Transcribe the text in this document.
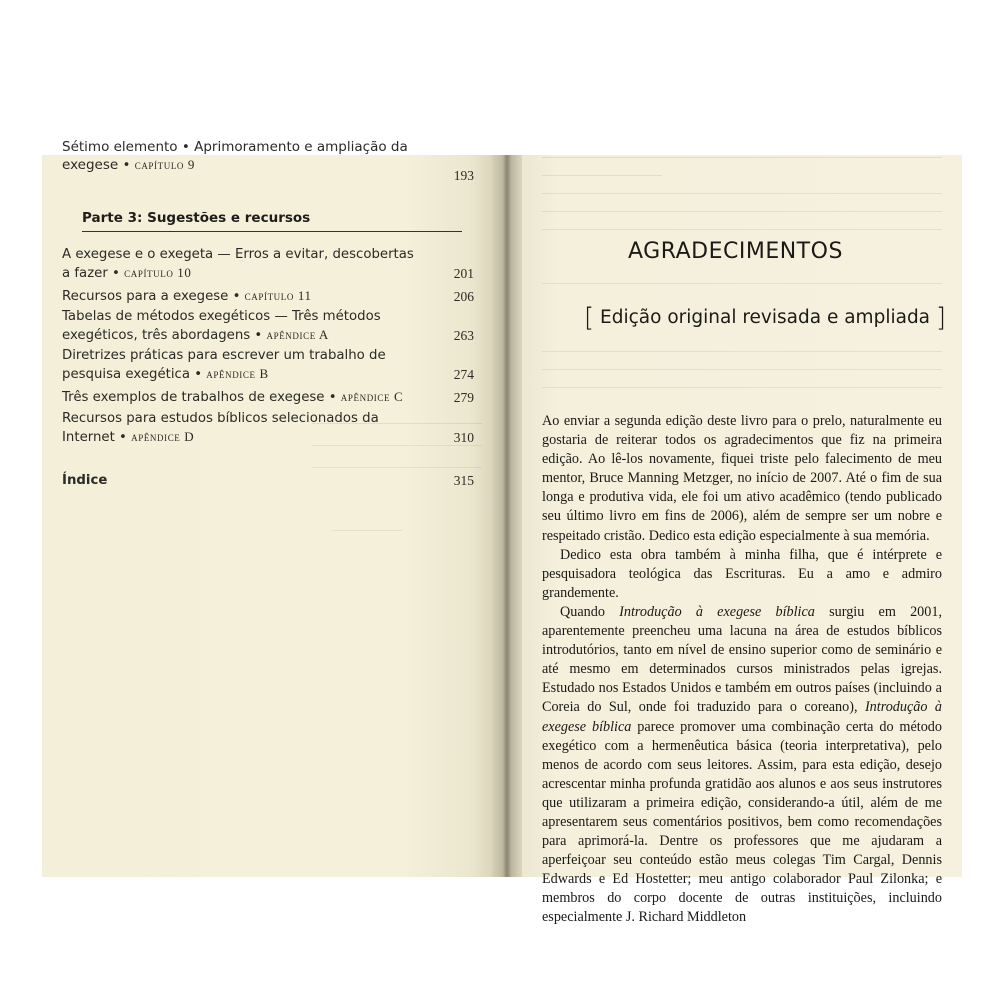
Sétimo elemento • Aprimoramento e ampliação da
exegese • capítulo 9
193

Parte 3: Sugestões e recursos
A exegese e o exegeta — Erros a evitar, descobertas
a fazer • capítulo 10	201
Recursos para a exegese • capítulo 11	206
Tabelas de métodos exegéticos — Três métodos
exegéticos, três abordagens • apêndice A	263
Diretrizes práticas para escrever um trabalho de
pesquisa exegética • apêndice B	274
Três exemplos de trabalhos de exegese • apêndice C	279
Recursos para estudos bíblicos selecionados da
Internet • apêndice D	310
Índice	315
AGRADECIMENTOS
[ Edição original revisada e ampliada ]

Ao enviar a segunda edição deste livro para o prelo, naturalmente eu gostaria de reiterar todos os agradecimentos que fiz na primeira edição. Ao lê-los novamente, fiquei triste pelo falecimento de meu mentor, Bruce Manning Metzger, no início de 2007. Até o fim de sua longa e produtiva vida, ele foi um ativo acadêmico (tendo publicado seu último livro em fins de 2006), além de sempre ser um nobre e respeitado cristão. Dedico esta edição especialmente à sua memória.

Dedico esta obra também à minha filha, que é intérprete e pesquisadora teológica das Escrituras. Eu a amo e admiro grandemente.

Quando Introdução à exegese bíblica surgiu em 2001, aparentemente preencheu uma lacuna na área de estudos bíblicos introdutórios, tanto em nível de ensino superior como de seminário e até mesmo em determinados cursos ministrados pelas igrejas. Estudado nos Estados Unidos e também em outros países (incluindo a Coreia do Sul, onde foi traduzido para o coreano), Introdução à exegese bíblica parece promover uma combinação certa do método exegético com a hermenêutica básica (teoria interpretativa), pelo menos de acordo com seus leitores. Assim, para esta edição, desejo acrescentar minha profunda gratidão aos alunos e aos seus instrutores que utilizaram a primeira edição, considerando-a útil, além de me apresentarem seus comentários positivos, bem como recomendações para aprimorá-la. Dentre os professores que me ajudaram a aperfeiçoar seu conteúdo estão meus colegas Tim Cargal, Dennis Edwards e Ed Hostetter; meu antigo colaborador Paul Zilonka; e membros do corpo docente de outras instituições, incluindo especialmente J. Richard Middleton
